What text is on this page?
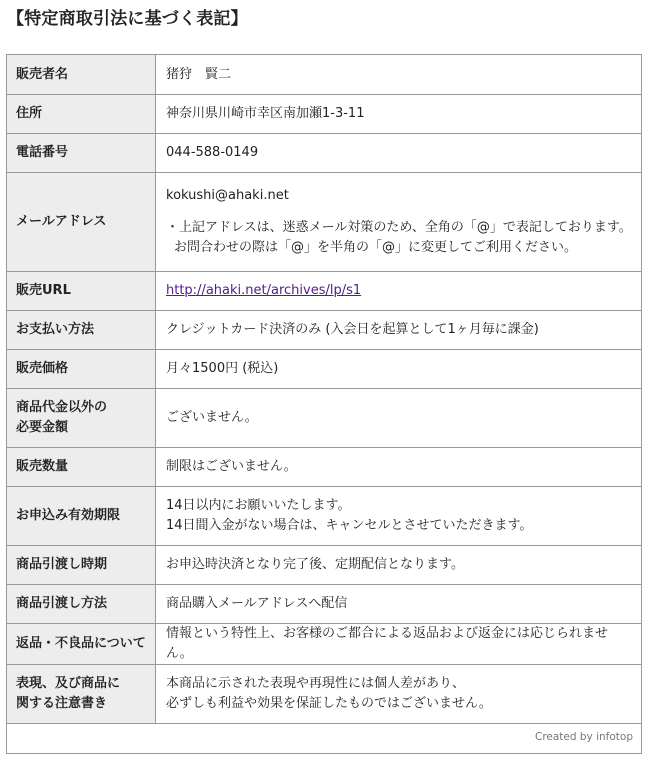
【特定商取引法に基づく表記】
販売者名	猪狩　賢二
住所	神奈川県川崎市幸区南加瀬1-3-11
電話番号	044-588-0149
メールアドレス	kokushi@ahaki.net
・上記アドレスは、迷惑メール対策のため、全角の「@」で表記しております。
お問合わせの際は「@」を半角の「@」に変更してご利用ください。

販売URL	http://ahaki.net/archives/lp/s1
お支払い方法	クレジットカード決済のみ (入会日を起算として1ヶ月毎に課金)
販売価格	月々1500円 (税込)

商品代金以外の
必要金額	ございません。
販売数量	制限はございません。
お申込み有効期限	14日以内にお願いいたします。
14日間入金がない場合は、キャンセルとさせていただきます。

商品引渡し時期	お申込時決済となり完了後、定期配信となります。
商品引渡し方法	商品購入メールアドレスへ配信
返品・不良品について	情報という特性上、お客様のご都合による返品および返金には応じられません。

表現、及び商品に
関する注意書き	本商品に示された表現や再現性には個人差があり、
必ずしも利益や効果を保証したものではございません。
Created by infotop
